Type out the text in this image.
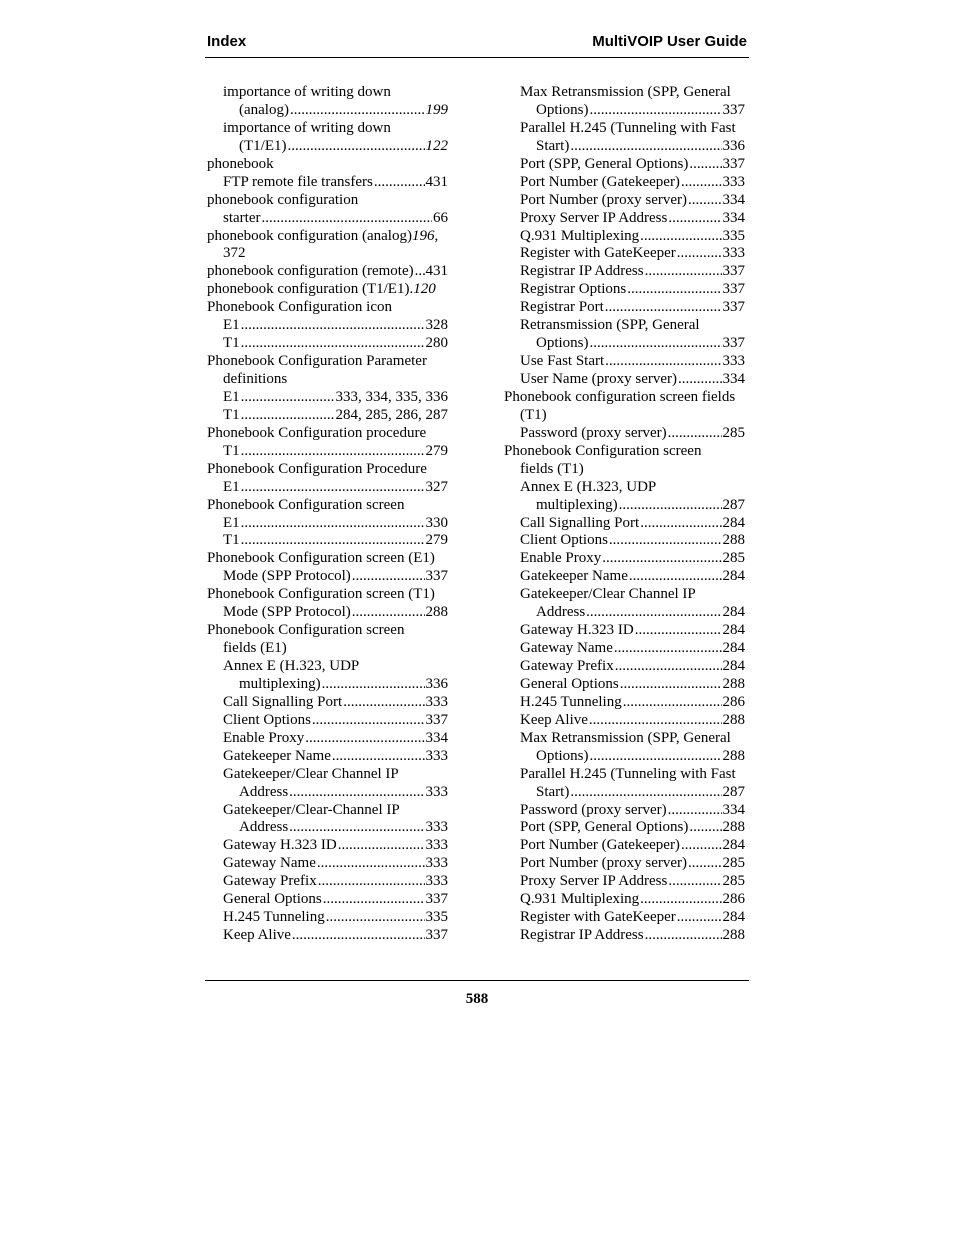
Index	MultiVOIP User Guide
importance of writing down
(analog) .....	199
importance of writing down
(T1/E1) .....	122
phonebook
FTP remote file transfers .....	431
phonebook configuration
starter .....	66
phonebook configuration (analog)196,
372
phonebook configuration (remote) ..... 431
phonebook configuration (T1/E1).120
Phonebook Configuration icon
E1 .....	328
T1 .....	280
Phonebook Configuration Parameter
definitions
E1 .....	333, 334, 335, 336
T1 .....	284, 285, 286, 287
Phonebook Configuration procedure
T1 .....	279
Phonebook Configuration Procedure
E1 .....	327
Phonebook Configuration screen
E1 .....	330
T1 .....	279
Phonebook Configuration screen (E1)
Mode (SPP Protocol) .....	337
Phonebook Configuration screen (T1)
Mode (SPP Protocol) .....	288
Phonebook Configuration screen
fields (E1)
Annex E (H.323, UDP
multiplexing) .....	336
Call Signalling Port .....	333
Client Options .....	337
Enable Proxy .....	334
Gatekeeper Name .....	333
Gatekeeper/Clear Channel IP
Address .....	333
Gatekeeper/Clear-Channel IP
Address .....	333
Gateway H.323 ID .....	333
Gateway Name .....	333
Gateway Prefix .....	333
General Options .....	337
H.245 Tunneling .....	335
Keep Alive .....	337
Max Retransmission (SPP, General
Options) .....	337
Parallel H.245 (Tunneling with Fast
Start) .....	336
Port (SPP, General Options) ..... 337
Port Number (Gatekeeper) .....	333
Port Number (proxy server) ..... 334
Proxy Server IP Address .....	334
Q.931 Multiplexing .....	335
Register with GateKeeper .....	333
Registrar IP Address .....	337
Registrar Options .....	337
Registrar Port .....	337
Retransmission (SPP, General
Options) .....	337
Use Fast Start .....	333
User Name (proxy server) .....	334
Phonebook configuration screen fields
(T1)
Password (proxy server) .....	285
Phonebook Configuration screen
fields (T1)
Annex E (H.323, UDP
multiplexing) .....	287
Call Signalling Port .....	284
Client Options .....	288
Enable Proxy .....	285
Gatekeeper Name .....	284
Gatekeeper/Clear Channel IP
Address .....	284
Gateway H.323 ID .....	284
Gateway Name .....	284
Gateway Prefix .....	284
General Options .....	288
H.245 Tunneling .....	286
Keep Alive .....	288
Max Retransmission (SPP, General
Options) .....	288
Parallel H.245 (Tunneling with Fast
Start) .....	287
Password (proxy server) .....	334
Port (SPP, General Options) ..... 288
Port Number (Gatekeeper) .....	284
Port Number (proxy server) ..... 285
Proxy Server IP Address .....	285
Q.931 Multiplexing .....	286
Register with GateKeeper .....	284
Registrar IP Address .....	288
588
